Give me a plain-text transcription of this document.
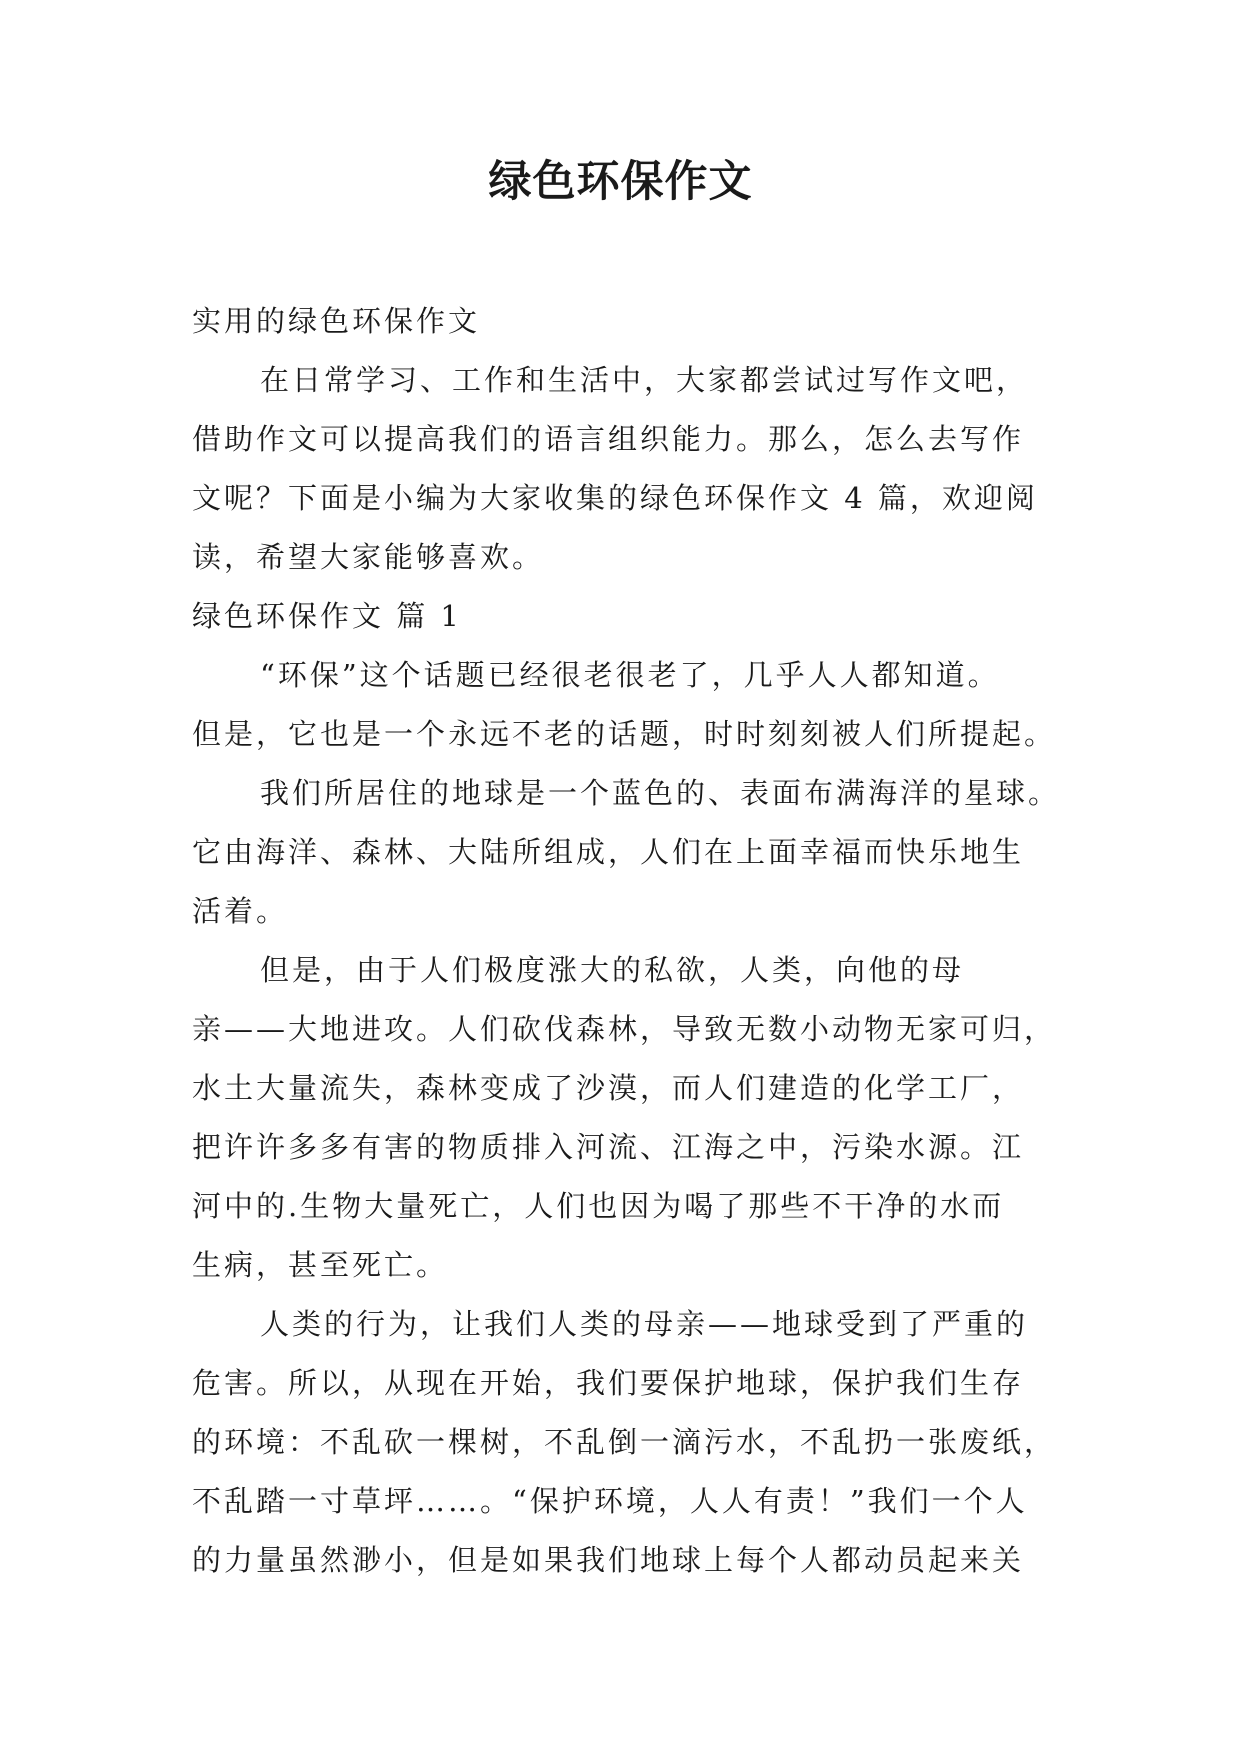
绿色环保作文

实用的绿色环保作文

在日常学习、工作和生活中，大家都尝试过写作文吧，

借助作文可以提高我们的语言组织能力。那么，怎么去写作

文呢？下面是小编为大家收集的绿色环保作文 4 篇，欢迎阅

读，希望大家能够喜欢。

绿色环保作文 篇 1

“环保”这个话题已经很老很老了，几乎人人都知道。

但是，它也是一个永远不老的话题，时时刻刻被人们所提起。

我们所居住的地球是一个蓝色的、表面布满海洋的星球。

它由海洋、森林、大陆所组成，人们在上面幸福而快乐地生

活着。

但是，由于人们极度涨大的私欲，人类，向他的母

亲——大地进攻。人们砍伐森林，导致无数小动物无家可归，

水土大量流失，森林变成了沙漠，而人们建造的化学工厂，

把许许多多有害的物质排入河流、江海之中，污染水源。江

河中的.生物大量死亡，人们也因为喝了那些不干净的水而

生病，甚至死亡。

人类的行为，让我们人类的母亲——地球受到了严重的

危害。所以，从现在开始，我们要保护地球，保护我们生存

的环境：不乱砍一棵树，不乱倒一滴污水，不乱扔一张废纸，

不乱踏一寸草坪……。“保护环境，人人有责！”我们一个人

的力量虽然渺小，但是如果我们地球上每个人都动员起来关
